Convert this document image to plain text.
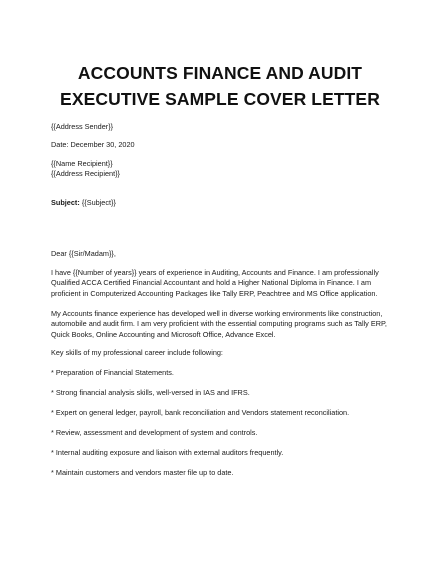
ACCOUNTS FINANCE AND AUDIT
EXECUTIVE SAMPLE COVER LETTER
{{Address Sender}}
Date: December 30, 2020
{{Name Recipient}}
{{Address Recipient}}
Subject: {{Subject}}
Dear {{Sir/Madam}},
I have {{Number of years}} years of experience in Auditing, Accounts and Finance. I am professionally Qualified ACCA Certified Financial Accountant and hold a Higher National Diploma in Finance. I am proficient in Computerized Accounting Packages like Tally ERP, Peachtree and MS Office application.
My Accounts finance experience has developed well in diverse working environments like construction, automobile and audit firm. I am very proficient with the essential computing programs such as Tally ERP, Quick Books, Online Accounting and Microsoft Office, Advance Excel.
Key skills of my professional career include following:
* Preparation of Financial Statements.
* Strong financial analysis skills, well-versed in IAS and IFRS.
* Expert on general ledger, payroll, bank reconciliation and Vendors statement reconciliation.
* Review, assessment and development of system and controls.
* Internal auditing exposure and liaison with external auditors frequently.
* Maintain customers and vendors master file up to date.
